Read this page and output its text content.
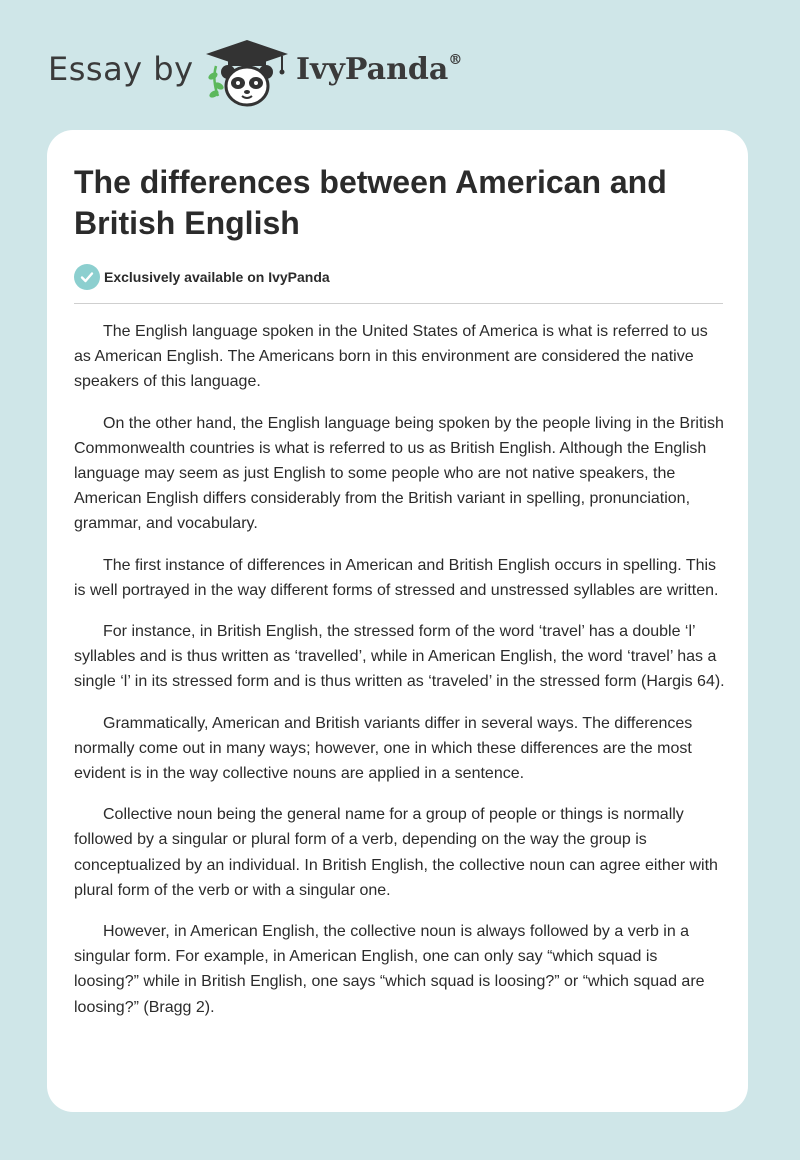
Essay by	IvyPanda®
The differences between American and British English
Exclusively available on IvyPanda

The English language spoken in the United States of America is what is referred to us as American English. The Americans born in this environment are considered the native speakers of this language.

On the other hand, the English language being spoken by the people living in the British Commonwealth countries is what is referred to us as British English. Although the English language may seem as just English to some people who are not native speakers, the American English differs considerably from the British variant in spelling, pronunciation, grammar, and vocabulary.

The first instance of differences in American and British English occurs in spelling. This is well portrayed in the way different forms of stressed and unstressed syllables are written.

For instance, in British English, the stressed form of the word ‘travel’ has a double ‘l’ syllables and is thus written as ‘travelled’, while in American English, the word ‘travel’ has a single ‘l’ in its stressed form and is thus written as ‘traveled’ in the stressed form (Hargis 64).

Grammatically, American and British variants differ in several ways. The differences normally come out in many ways; however, one in which these differences are the most evident is in the way collective nouns are applied in a sentence.

Collective noun being the general name for a group of people or things is normally followed by a singular or plural form of a verb, depending on the way the group is conceptualized by an individual. In British English, the collective noun can agree either with plural form of the verb or with a singular one.

However, in American English, the collective noun is always followed by a verb in a singular form. For example, in American English, one can only say “which squad is loosing?” while in British English, one says “which squad is loosing?” or “which squad are loosing?” (Bragg 2).
